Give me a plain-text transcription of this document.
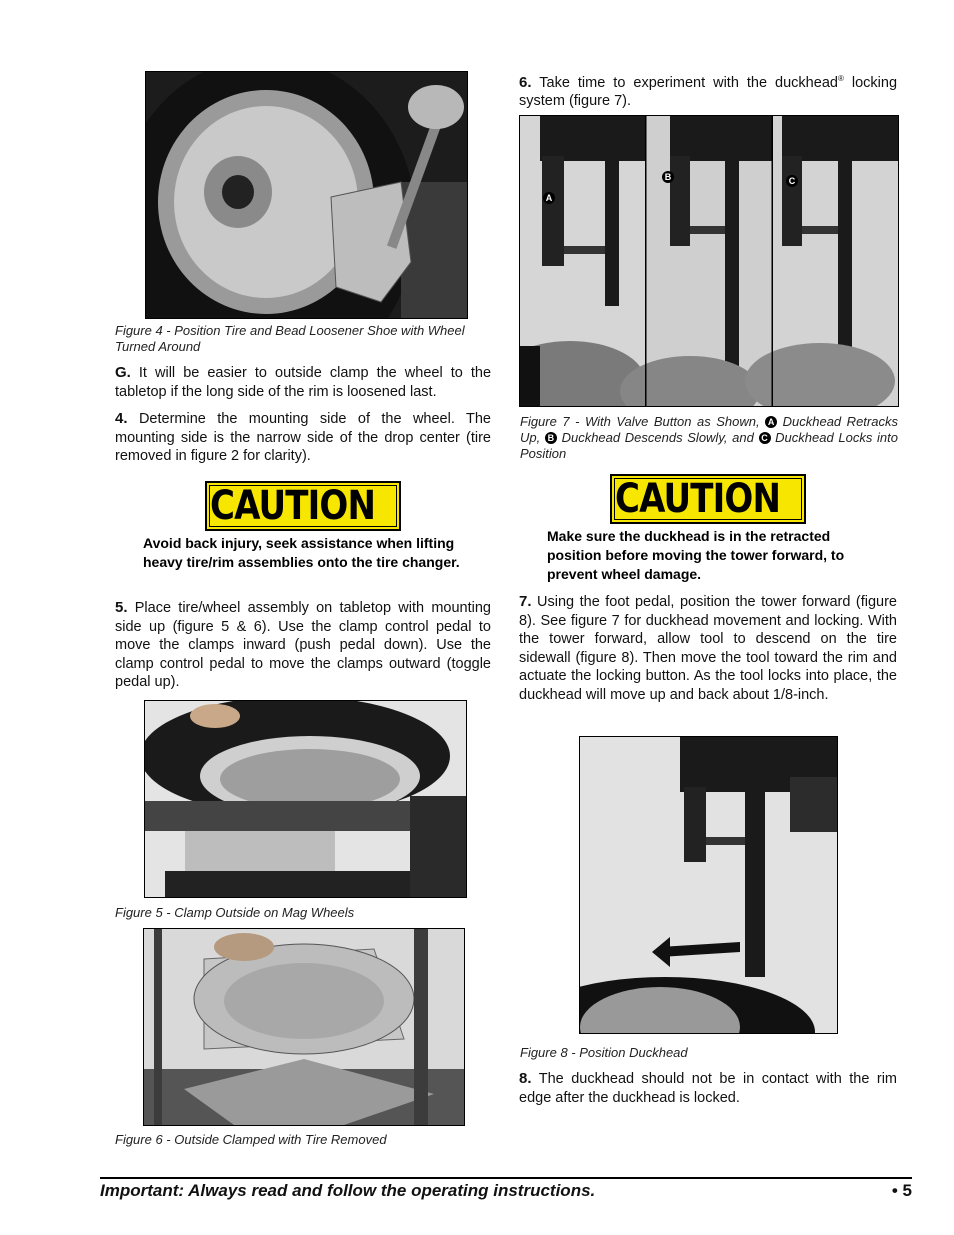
Figure 4 - Position Tire and Bead Loosener Shoe with Wheel Turned Around

G. It will be easier to outside clamp the wheel to the tabletop if the long side of the rim is loosened last.

4. Determine the mounting side of the wheel. The mounting side is the narrow side of the drop center (tire removed in figure 2 for clarity).

CAUTION

Avoid back injury, seek assistance when lifting heavy tire/rim assemblies onto the tire changer.

5. Place tire/wheel assembly on tabletop with mounting side up (figure 5 & 6). Use the clamp control pedal to move the clamps inward (push pedal down). Use the clamp control pedal to move the clamps outward (toggle pedal up).

Figure 5 - Clamp Outside on Mag Wheels

Figure 6 - Outside Clamped with Tire Removed

6. Take time to experiment with the duckhead® locking system (figure 7).

A
B	C

Figure 7 - With Valve Button as Shown, A Duckhead Retracks Up, B Duckhead Descends Slowly, and C Duckhead Locks into Position

CAUTION

Make sure the duckhead is in the retracted position before moving the tower forward, to prevent wheel damage.

7. Using the foot pedal, position the tower forward (figure 8). See figure 7 for duckhead movement and locking. With the tower forward, allow tool to descend on the tire sidewall (figure 8). Then move the tool toward the rim and actuate the locking button. As the tool locks into place, the duckhead will move up and back about 1/8-inch.

Figure 8 - Position Duckhead

8. The duckhead should not be in contact with the rim edge after the duckhead is locked.

Important: Always read and follow the operating instructions.	• 5
